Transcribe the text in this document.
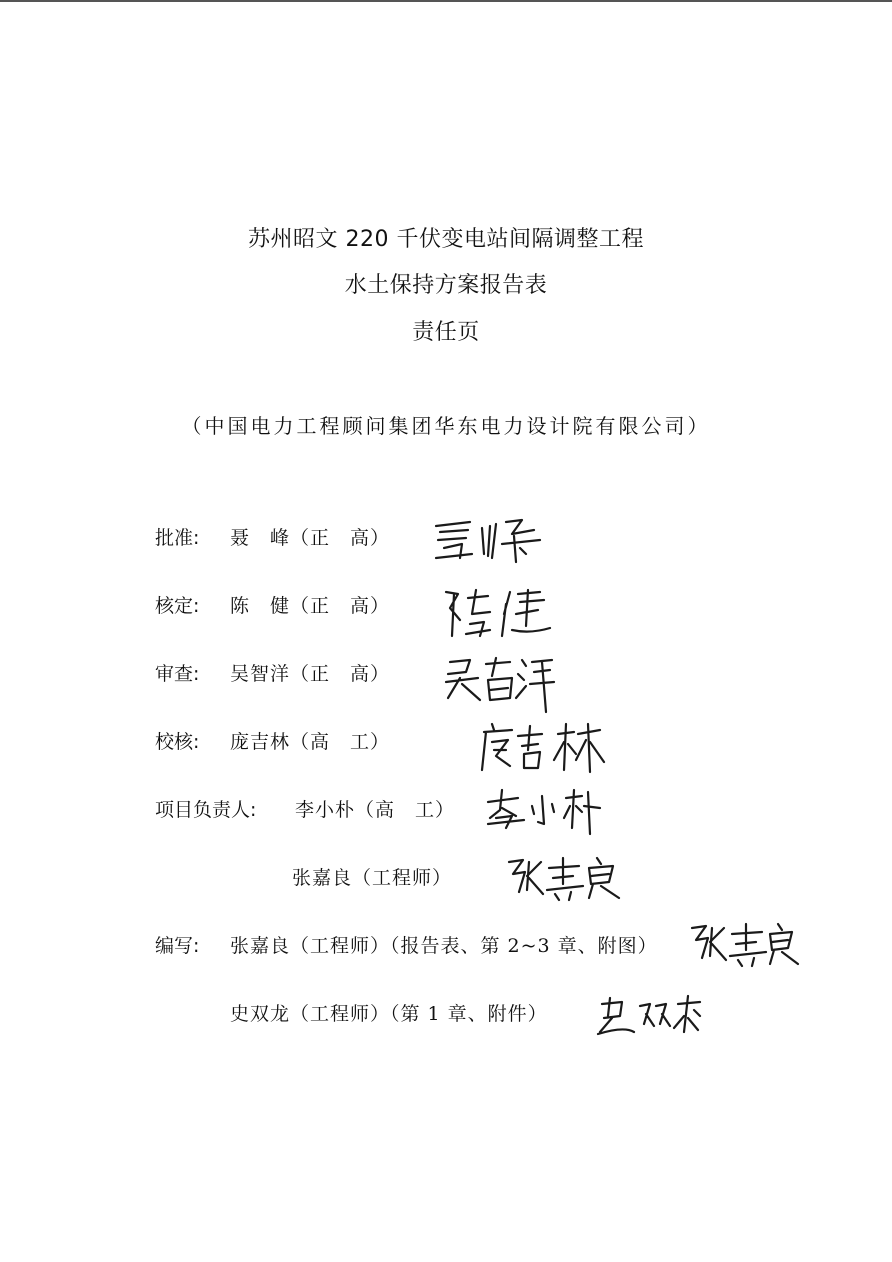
苏州昭文 220 千伏变电站间隔调整工程
水土保持方案报告表
责任页
（中国电力工程顾问集团华东电力设计院有限公司）
批准: 聂　峰（正　高）
核定: 陈　健（正　高）
审查: 吴智洋（正　高）
校核: 庞吉林（高　工）
项目负责人: 李小朴（高　工）
张嘉良（工程师）
编写: 张嘉良（工程师）（报告表、第 2~3 章、附图）
史双龙（工程师）（第 1 章、附件）
